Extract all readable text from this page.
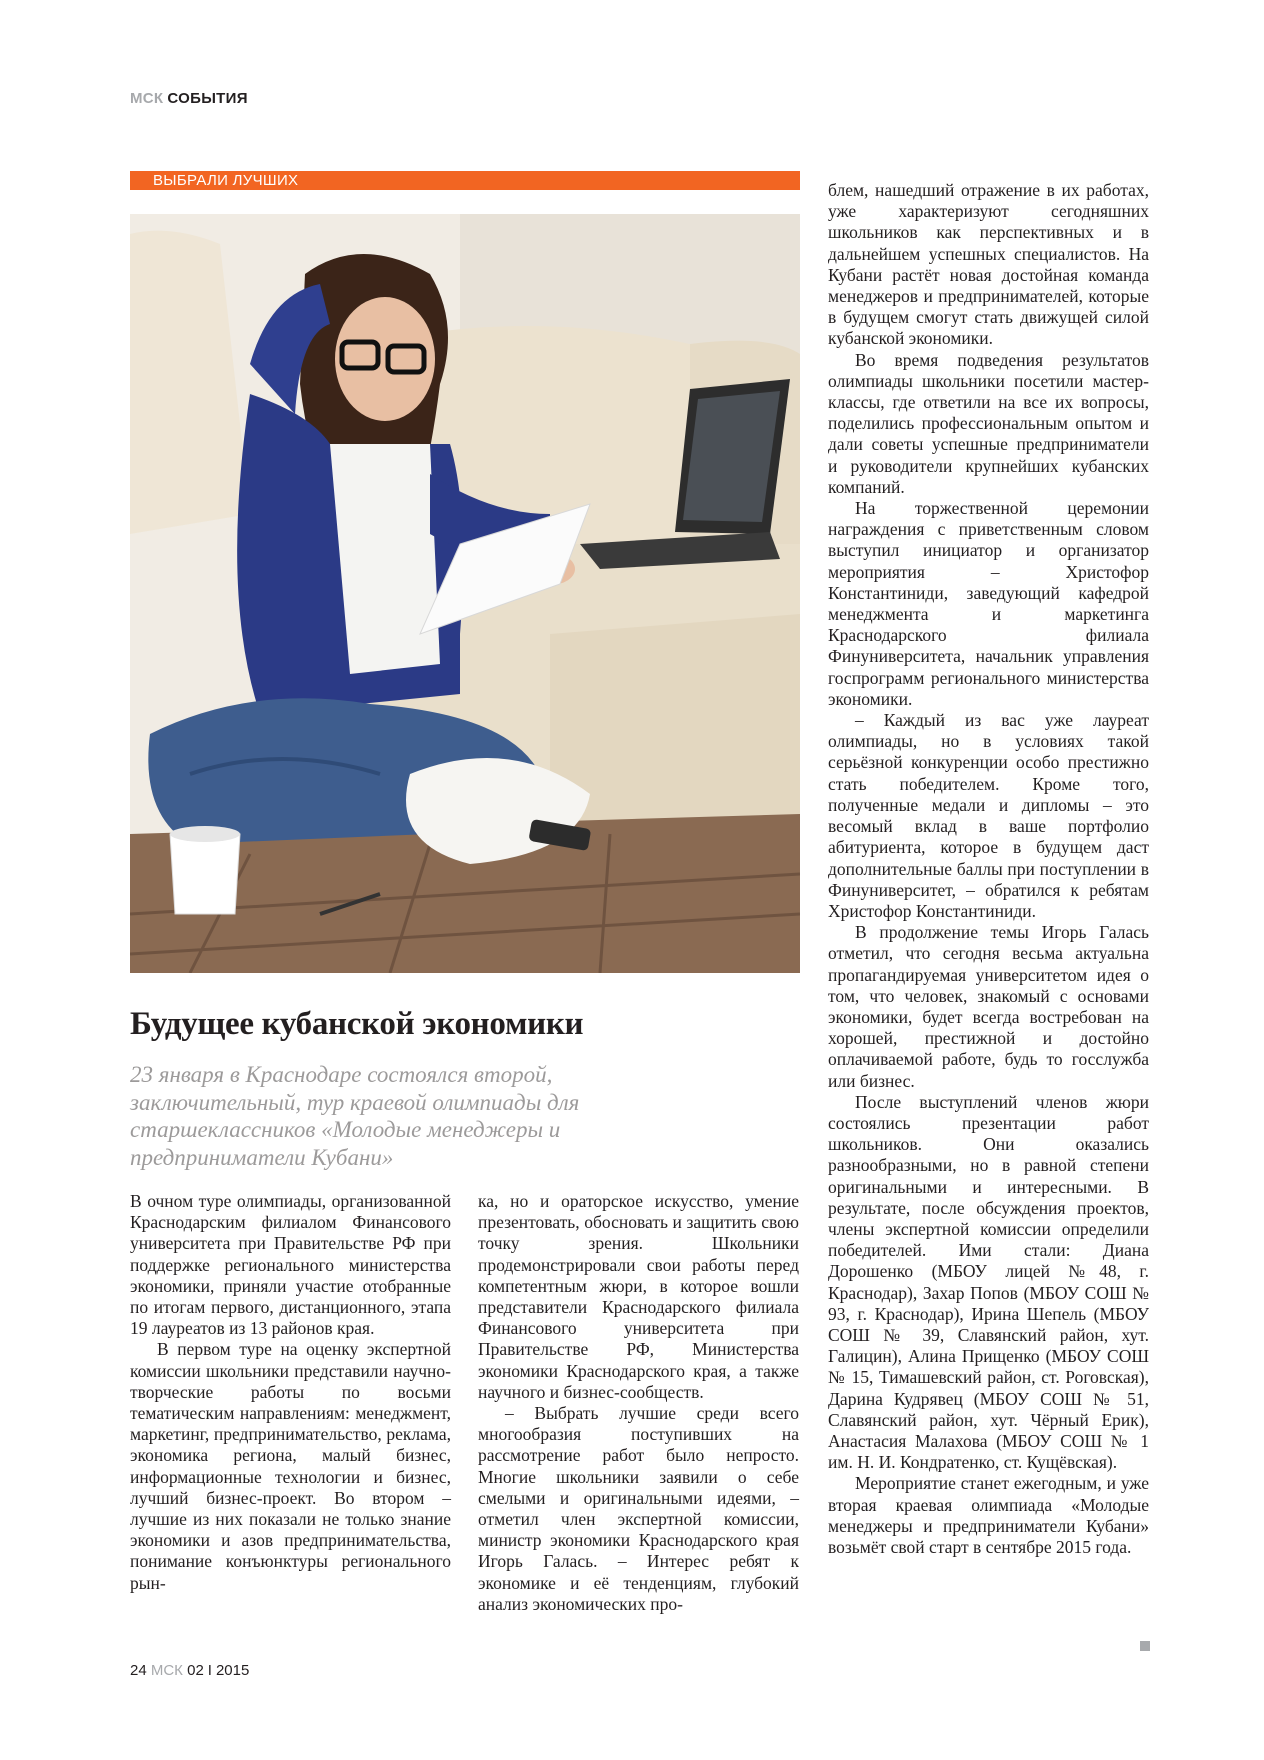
МСК СОБЫТИЯ
ВЫБРАЛИ ЛУЧШИХ
Будущее кубанской экономики
23 января в Краснодаре состоялся второй, заключительный, тур краевой олимпиады для старшеклассников «Молодые менеджеры и предприниматели Кубани»

В очном туре олимпиады, организованной Краснодарским филиалом Финансового университета при Правительстве РФ при поддержке регионального министерства экономики, приняли участие отобранные по итогам первого, дистанционного, этапа 19 лауреатов из 13 районов края.

В первом туре на оценку экспертной комиссии школьники представили научно-творческие работы по восьми тематическим направлениям: менеджмент, маркетинг, предпринимательство, реклама, экономика региона, малый бизнес, информационные технологии и бизнес, лучший бизнес-проект. Во втором – лучшие из них показали не только знание экономики и азов предпринимательства, понимание конъюнктуры регионального рын-

ка, но и ораторское искусство, умение презентовать, обосновать и защитить свою точку зрения. Школьники продемонстрировали свои работы перед компетентным жюри, в которое вошли представители Краснодарского филиала Финансового университета при Правительстве РФ, Министерства экономики Краснодарского края, а также научного и бизнес-сообществ.

– Выбрать лучшие среди всего многообразия поступивших на рассмотрение работ было непросто. Многие школьники заявили о себе смелыми и оригинальными идеями, – отметил член экспертной комиссии, министр экономики Краснодарского края Игорь Галась. – Интерес ребят к экономике и её тенденциям, глубокий анализ экономических про-

блем, нашедший отражение в их работах, уже характеризуют сегодняшних школьников как перспективных и в дальнейшем успешных специалистов. На Кубани растёт новая достойная команда менеджеров и предпринимателей, которые в будущем смогут стать движущей силой кубанской экономики.

Во время подведения результатов олимпиады школьники посетили мастер-классы, где ответили на все их вопросы, поделились профессиональным опытом и дали советы успешные предприниматели и руководители крупнейших кубанских компаний.

На торжественной церемонии награждения с приветственным словом выступил инициатор и организатор мероприятия – Христофор Константиниди, заведующий кафедрой менеджмента и маркетинга Краснодарского филиала Финуниверситета, начальник управления госпрограмм регионального министерства экономики.

– Каждый из вас уже лауреат олимпиады, но в условиях такой серьёзной конкуренции особо престижно стать победителем. Кроме того, полученные медали и дипломы – это весомый вклад в ваше портфолио абитуриента, которое в будущем даст дополнительные баллы при поступлении в Финуниверситет, – обратился к ребятам Христофор Константиниди.

В продолжение темы Игорь Галась отметил, что сегодня весьма актуальна пропагандируемая университетом идея о том, что человек, знакомый с основами экономики, будет всегда востребован на хорошей, престижной и достойно оплачиваемой работе, будь то госслужба или бизнес.

После выступлений членов жюри состоялись презентации работ школьников. Они оказались разнообразными, но в равной степени оригинальными и интересными. В результате, после обсуждения проектов, члены экспертной комиссии определили победителей. Ими стали: Диана Дорошенко (МБОУ лицей №48, г. Краснодар), Захар Попов (МБОУ СОШ № 93, г. Краснодар), Ирина Шепель (МБОУ СОШ № 39, Славянский район, хут. Галицин), Алина Прищенко (МБОУ СОШ № 15, Тимашевский район, ст. Роговская), Дарина Кудрявец (МБОУ СОШ № 51, Славянский район, хут. Чёрный Ерик), Анастасия Малахова (МБОУ СОШ № 1 им. Н. И. Кондратенко, ст. Кущёвская).

Мероприятие станет ежегодным, и уже вторая краевая олимпиада «Молодые менеджеры и предприниматели Кубани» возьмёт свой старт в сентябре 2015 года.

24 МСК 02 I 2015
